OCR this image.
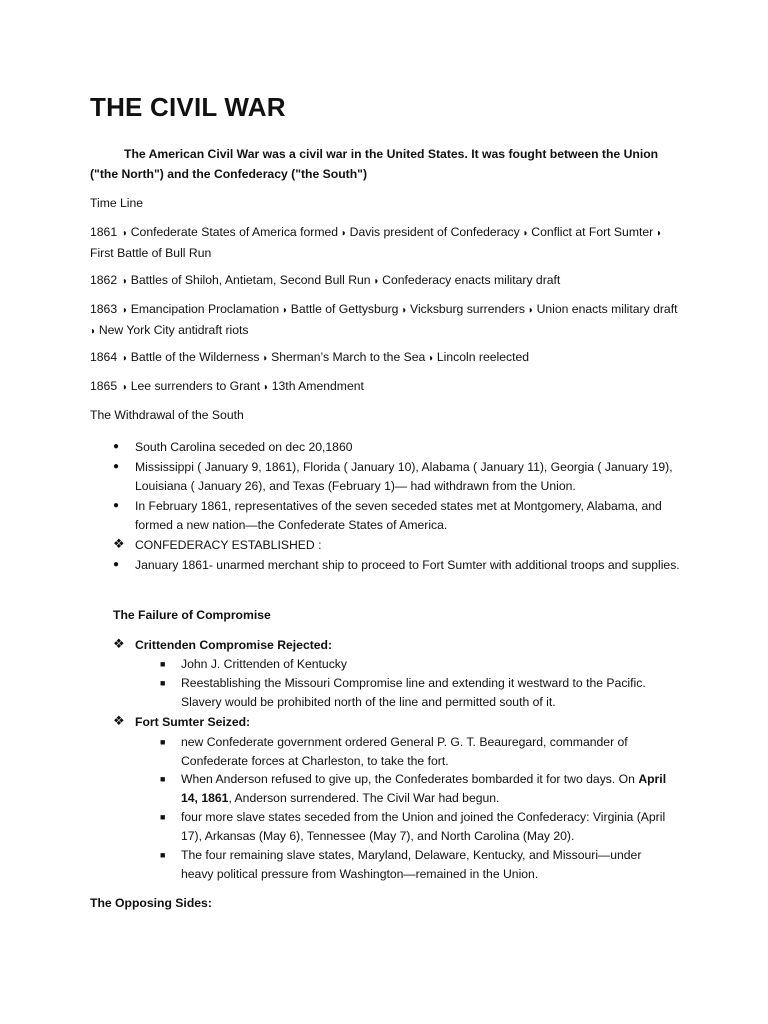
THE CIVIL WAR

The American Civil War was a civil war in the United States. It was fought between the Union ("the North") and the Confederacy ("the South")

Time Line

1861 ◗ Confederate States of America formed ◗ Davis president of Confederacy ◗ Conflict at Fort Sumter ◗ First Battle of Bull Run

1862 ◗ Battles of Shiloh, Antietam, Second Bull Run ◗ Confederacy enacts military draft

1863 ◗ Emancipation Proclamation ◗ Battle of Gettysburg ◗ Vicksburg surrenders ◗ Union enacts military draft ◗ New York City antidraft riots

1864 ◗ Battle of the Wilderness ◗ Sherman’s March to the Sea ◗ Lincoln reelected

1865 ◗ Lee surrenders to Grant ◗ 13th Amendment

The Withdrawal of the South

● South Carolina seceded on dec 20,1860

● Mississippi ( January 9, 1861), Florida ( January 10), Alabama ( January 11), Georgia ( January 19), Louisiana ( January 26), and Texas (February 1)— had withdrawn from the Union.

● In February 1861, representatives of the seven seceded states met at Montgomery, Alabama, and formed a new nation—the Confederate States of America.

❖ CONFEDERACY ESTABLISHED :

● January 1861- unarmed merchant ship to proceed to Fort Sumter with additional troops and supplies.

The Failure of Compromise

❖ Crittenden Compromise Rejected:

■ John J. Crittenden of Kentucky

■ Reestablishing the Missouri Compromise line and extending it westward to the Pacific. Slavery would be prohibited north of the line and permitted south of it.

❖ Fort Sumter Seized:

■ new Confederate government ordered General P. G. T. Beauregard, commander of Confederate forces at Charleston, to take the fort.

■ When Anderson refused to give up, the Confederates bombarded it for two days. On April 14, 1861, Anderson surrendered. The Civil War had begun.

■ four more slave states seceded from the Union and joined the Confederacy: Virginia (April 17), Arkansas (May 6), Tennessee (May 7), and North Carolina (May 20).

■ The four remaining slave states, Maryland, Delaware, Kentucky, and Missouri—under heavy political pressure from Washington—remained in the Union.

The Opposing Sides:
